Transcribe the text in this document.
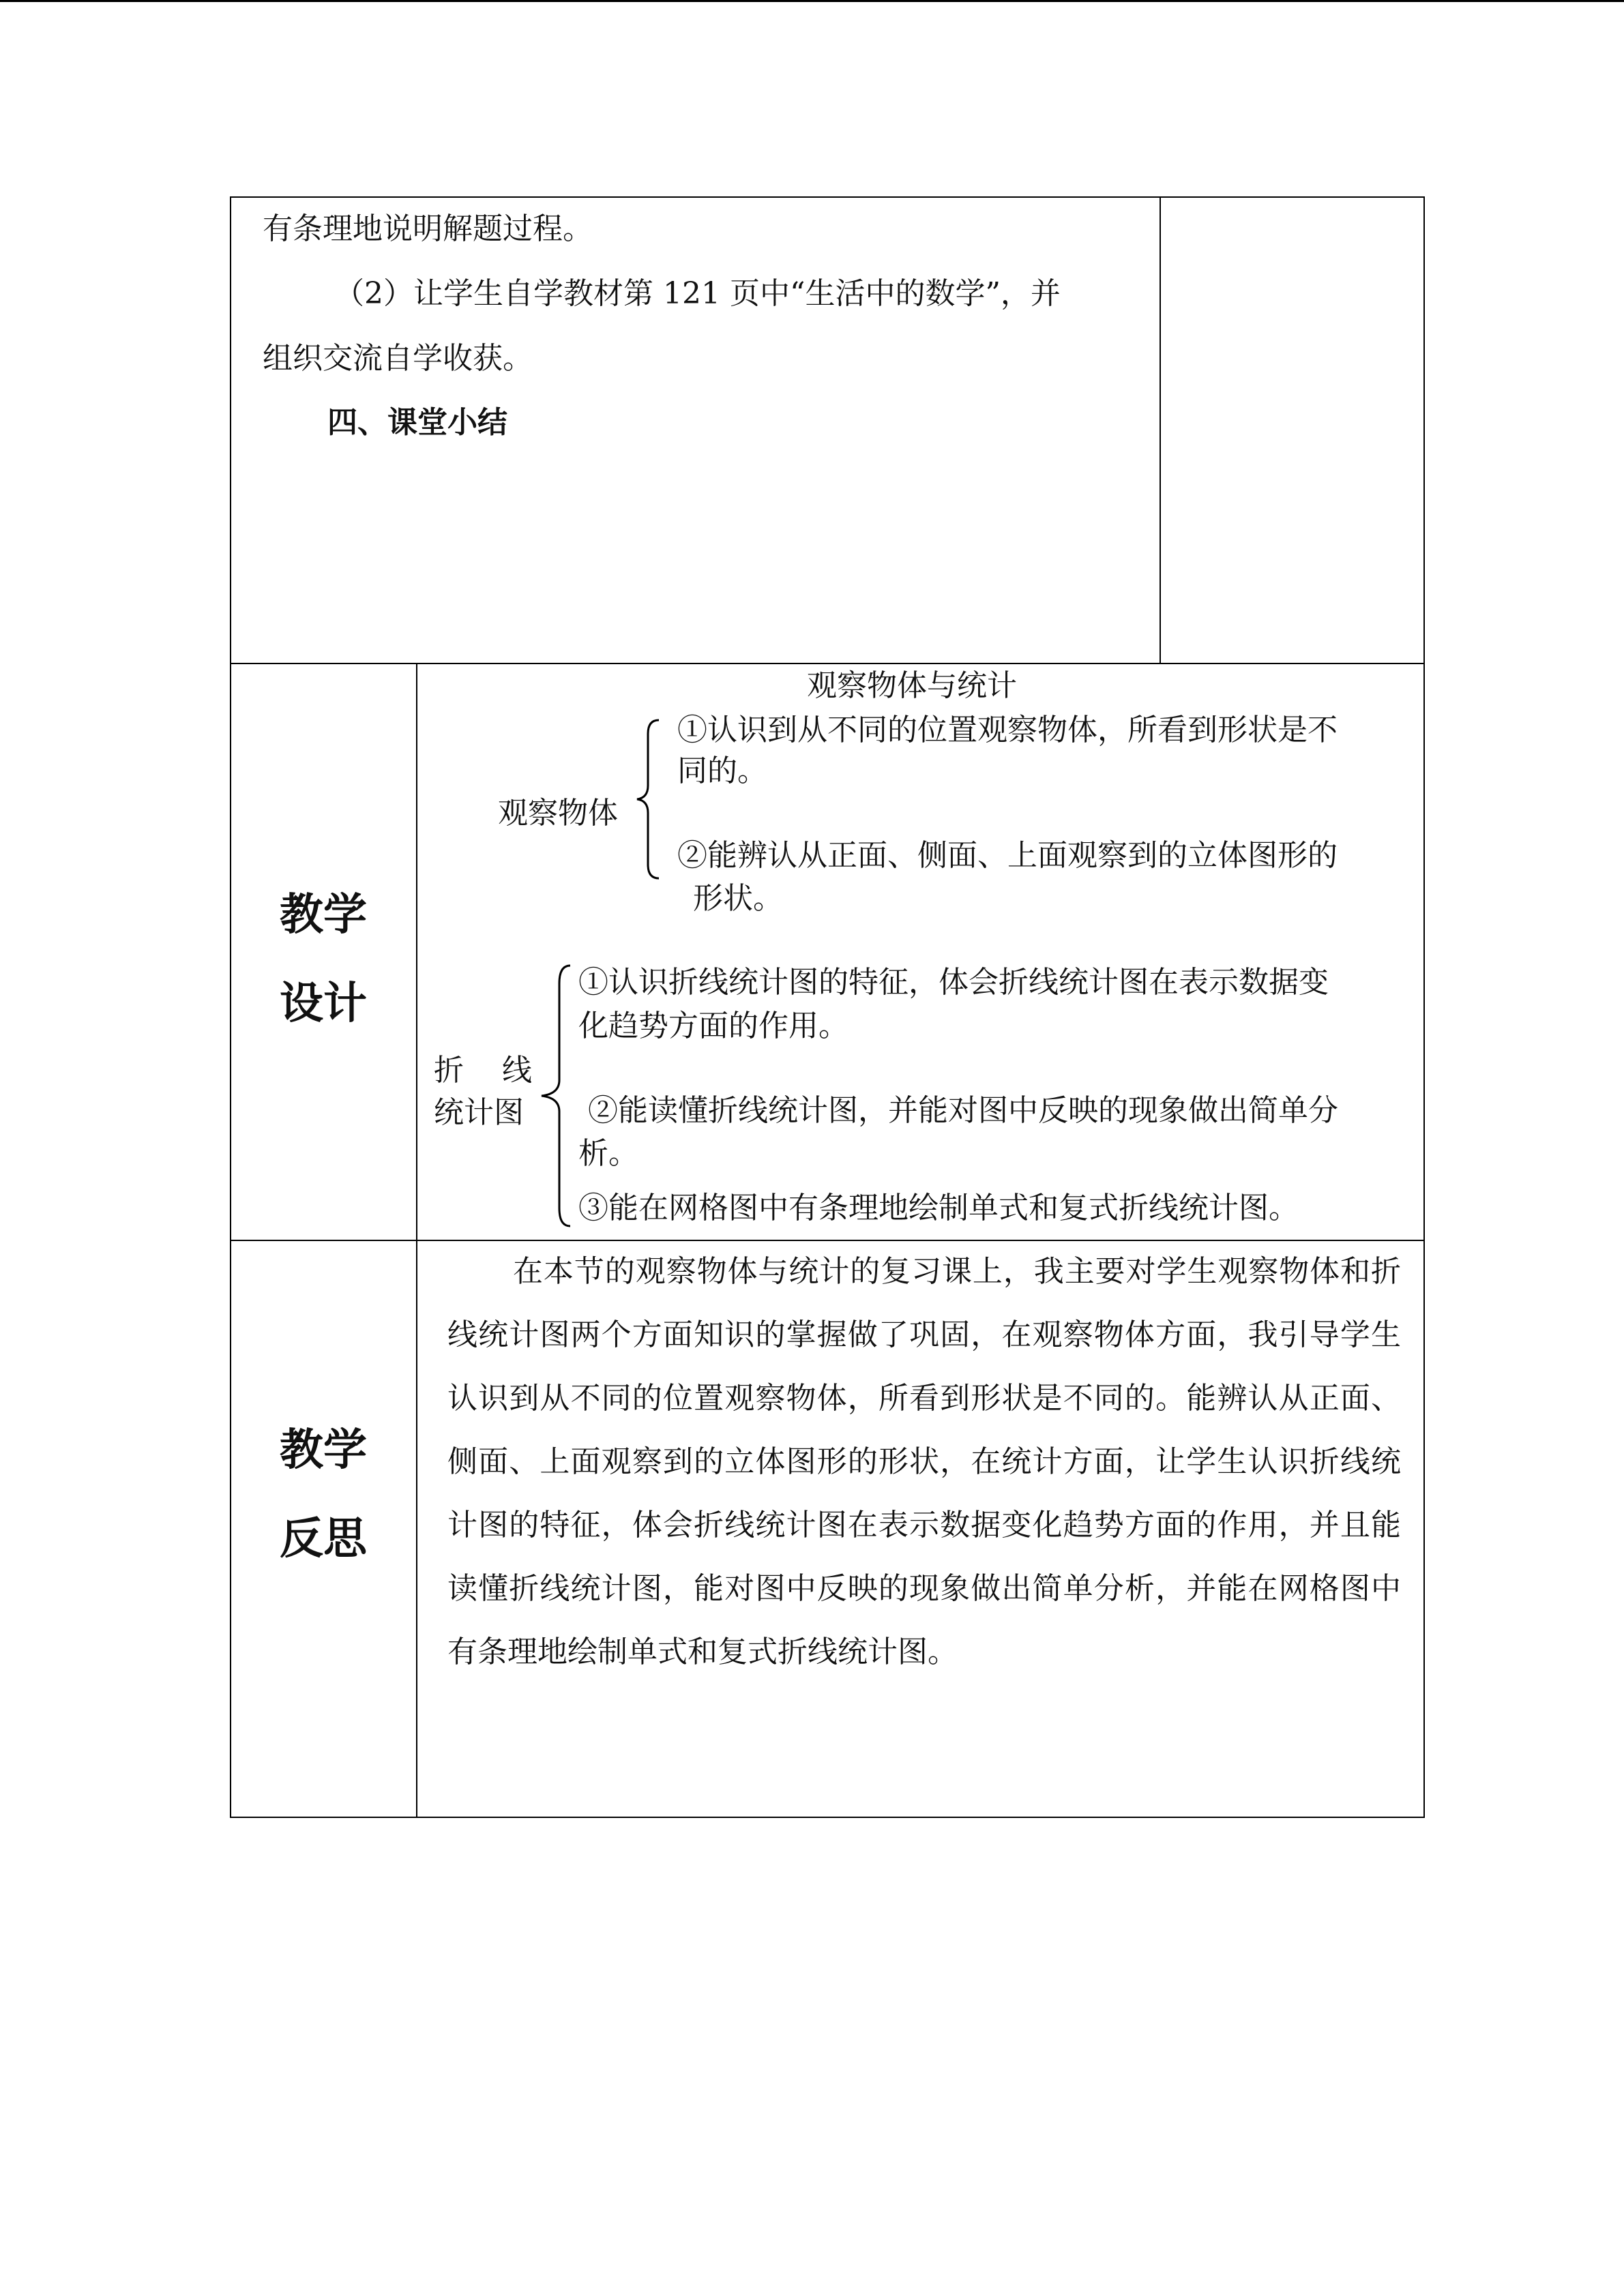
有条理地说明解题过程。
（2）让学生自学教材第 121 页中“生活中的数学”，并
组织交流自学收获。
四、课堂小结
教学
设计
观察物体与统计
观察物体
①认识到从不同的位置观察物体，所看到形状是不
同的。
②能辨认从正面、侧面、上面观察到的立体图形的
形状。
折    线
统计图
①认识折线统计图的特征，体会折线统计图在表示数据变
化趋势方面的作用。
②能读懂折线统计图，并能对图中反映的现象做出简单分
析。
③能在网格图中有条理地绘制单式和复式折线统计图。
教学
反思
在本节的观察物体与统计的复习课上，我主要对学生观察物体和折线统计图两个方面知识的掌握做了巩固，在观察物体方面，我引导学生认识到从不同的位置观察物体，所看到形状是不同的。能辨认从正面、侧面、上面观察到的立体图形的形状，在统计方面，让学生认识折线统计图的特征，体会折线统计图在表示数据变化趋势方面的作用，并且能读懂折线统计图，能对图中反映的现象做出简单分析，并能在网格图中有条理地绘制单式和复式折线统计图。
